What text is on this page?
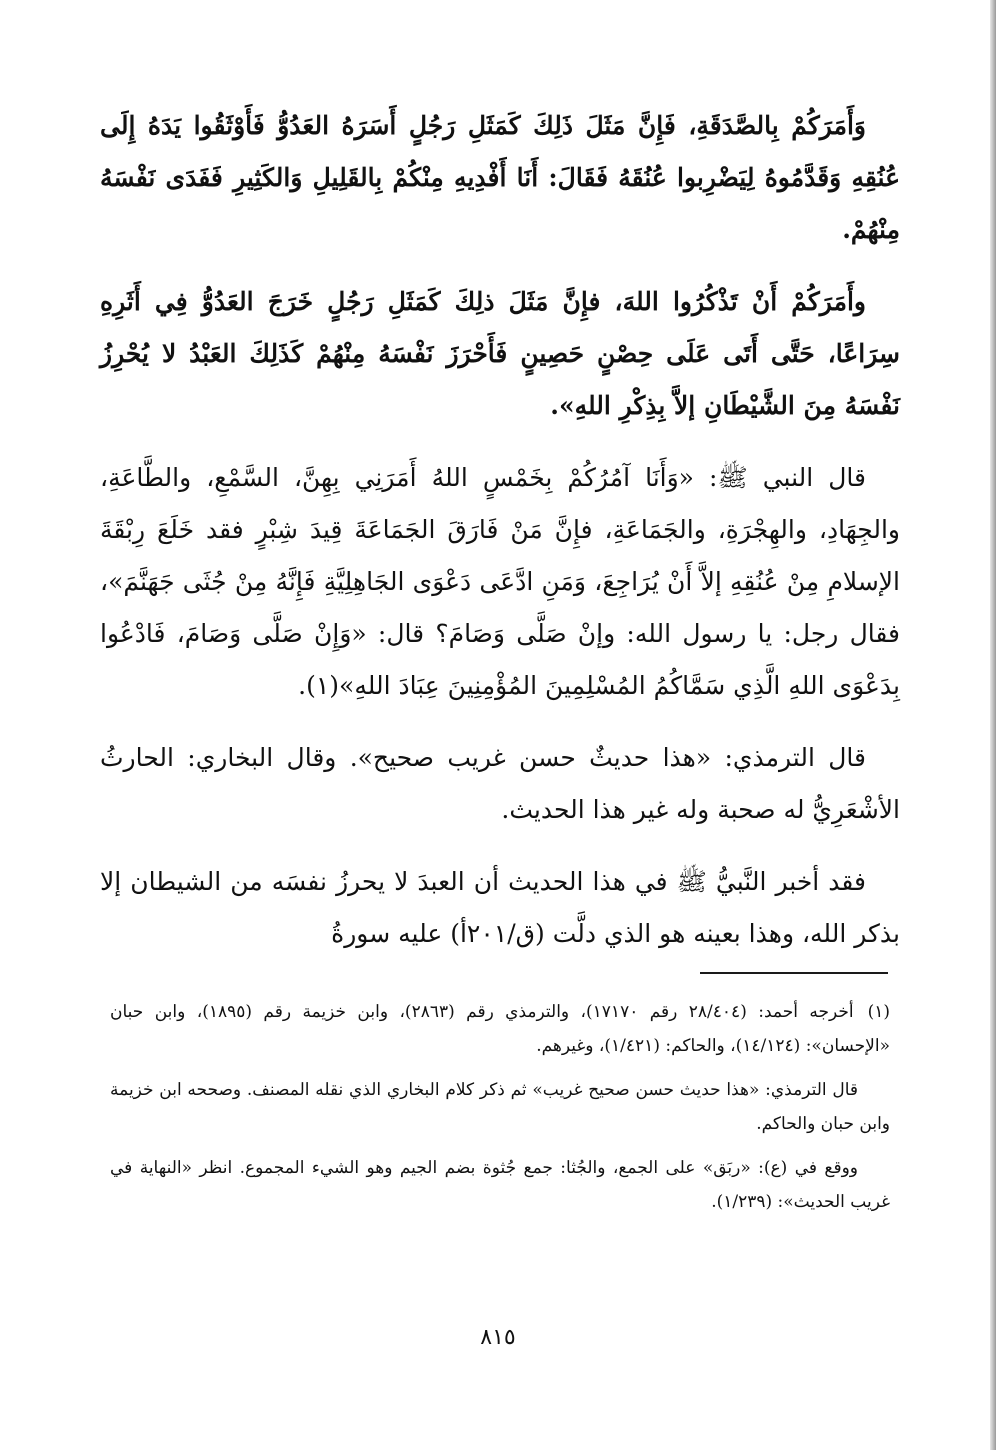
وَأَمَرَكُمْ بِالصَّدَقَةِ، فَإِنَّ مَثَلَ ذَلِكَ كَمَثَلِ رَجُلٍ أَسَرَهُ العَدُوُّ فَأَوْثَقُوا يَدَهُ إِلَى عُنُقِهِ وَقَدَّمُوهُ لِيَضْرِبوا عُنُقَهُ فَقَالَ: أَنَا أَفْدِيهِ مِنْكُمْ بِالقَلِيلِ وَالكَثِيرِ فَفَدَى نَفْسَهُ مِنْهُمْ.

وأَمَرَكُمْ أَنْ تَذْكُرُوا اللهَ، فإِنَّ مَثَلَ ذلِكَ كَمَثَلِ رَجُلٍ خَرَجَ العَدُوُّ فِي أَثَرِهِ سِرَاعًا، حَتَّى أَتَى عَلَى حِصْنٍ حَصِينٍ فَأَحْرَزَ نَفْسَهُ مِنْهُمْ كَذَلِكَ العَبْدُ لا يُحْرِزُ نَفْسَهُ مِنَ الشَّيْطَانِ إلاَّ بِذِكْرِ اللهِ».

قال النبي ﷺ: «وَأَنَا آمُرُكُمْ بِخَمْسٍ اللهُ أَمَرَنِي بِهِنَّ، السَّمْعِ، والطَّاعَةِ، والجِهَادِ، والهِجْرَةِ، والجَمَاعَةِ، فإِنَّ مَنْ فَارَقَ الجَمَاعَةَ قِيدَ شِبْرٍ فقد خَلَعَ رِبْقَةَ الإسلامِ مِنْ عُنُقِهِ إلاَّ أَنْ يُرَاجِعَ، وَمَنِ ادَّعَى دَعْوَى الجَاهِلِيَّةِ فَإِنَّهُ مِنْ جُثَى جَهَنَّمَ»، فقال رجل: يا رسول الله: وإنْ صَلَّى وَصَامَ؟ قال: «وَإِنْ صَلَّى وَصَامَ، فَادْعُوا بِدَعْوَى اللهِ الَّذِي سَمَّاكُمُ المُسْلِمِينَ المُؤْمِنِينَ عِبَادَ اللهِ»(١).

قال الترمذي: «هذا حديثٌ حسن غريب صحيح». وقال البخاري: الحارثُ الأشْعَرِيُّ له صحبة وله غير هذا الحديث.

فقد أخبر النَّبيُّ ﷺ في هذا الحديث أن العبدَ لا يحرزُ نفسَه من الشيطان إلا بذكر الله، وهذا بعينه هو الذي دلَّت (ق/٢٠١أ) عليه سورةُ

(١)أخرجه أحمد: (٢٨/٤٠٤ رقم ١٧١٧٠)، والترمذي رقم (٢٨٦٣)، وابن خزيمة رقم (١٨٩٥)، وابن حبان «الإحسان»: (١٤/١٢٤)، والحاكم: (١/٤٢١)، وغيرهم.

قال الترمذي: «هذا حديث حسن صحيح غريب» ثم ذكر كلام البخاري الذي نقله المصنف. وصححه ابن خزيمة وابن حبان والحاكم.

ووقع في (ع): «ربَق» على الجمع، والجُثا: جمع جُثوة بضم الجيم وهو الشيء المجموع. انظر «النهاية في غريب الحديث»: (١/٢٣٩).

٨١٥
